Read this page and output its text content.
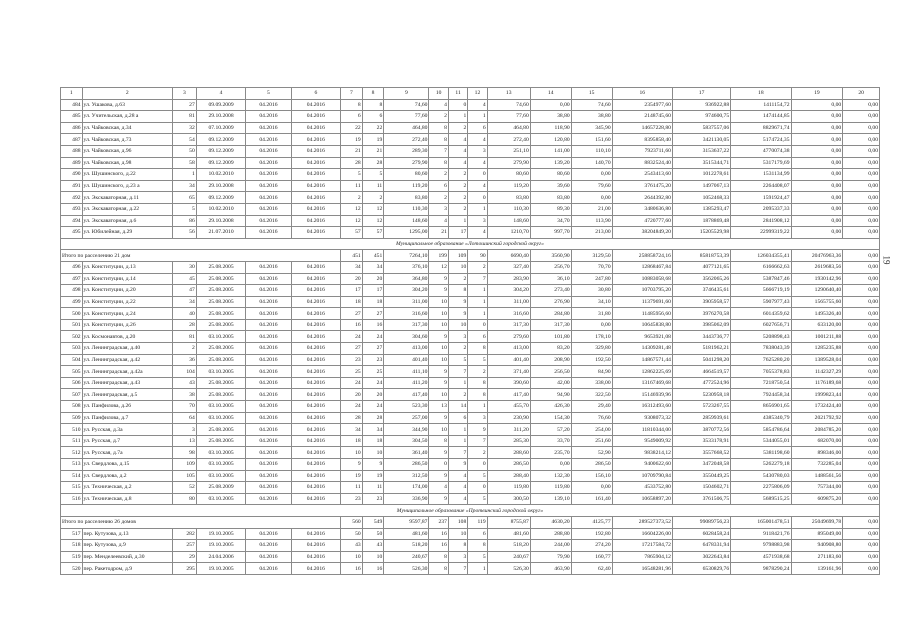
1	2	3	4	5	6	7	8	9	10	11	12	13	14	15	16	17	18	19	20
484	ул. Ушакова, д.63	27	09.09.2009	04.2016	04.2016	8	8	74,60	4	0	4	74,60	0,00	74,60	2354977,60	936922,88	1411154,72	0,00	0,00
485	ул. Учительская, д.28 а	81	29.10.2008	04.2016	04.2016	6	6	77,60	2	1	1	77,60	38,80	38,80	2148745,60	974600,75	1474144,85	0,00	0,00
486	ул. Чайковская, д.34	32	07.10.2009	04.2016	04.2016	22	22	464,80	8	2	6	464,80	118,90	345,90	14657228,80	5837557,06	8829671,74	0,00	0,00
487	ул. Чайковская, д.73	54	09.12.2009	04.2016	04.2016	19	19	272,40	8	4	4	272,40	120,80	151,60	8395858,40	3421130,05	5174724,35	0,00	0,00
488	ул. Чайковская, д.96	50	09.12.2009	04.2016	04.2016	21	21	289,30	7	4	3	251,10	141,00	110,10	7923711,60	3153637,22	4770074,38	0,00	0,00
489	ул. Чайковская, д.98	58	09.12.2009	04.2016	04.2016	28	28	279,90	8	4	4	279,90	139,20	140,70	8832524,40	3515344,71	5317179,69	0,00	0,00
490	ул. Шушинского, д.22	1	10.02.2010	04.2016	04.2016	5	5	80,60	2	2	0	80,60	80,60	0,00	2543413,60	1012278,61	1531134,99	0,00	0,00
491	ул. Шушинского, д.23 а	34	29.10.2008	04.2016	04.2016	11	11	119,20	6	2	4	119,20	39,60	79,60	3761475,20	1497067,13	2264408,07	0,00	0,00
492	ул. Экскаваторная, д.11	65	09.12.2009	04.2016	04.2016	2	2	83,80	2	2	0	83,80	83,80	0,00	2644392,80	1052468,33	1591924,47	0,00	0,00
493	ул. Экскаваторная, д.22	5	10.02.2010	04.2016	04.2016	12	12	110,30	3	2	1	110,30	89,30	21,00	3480636,80	1385293,47	2095337,33	0,00	0,00
494	ул. Экскаваторная, д.6	86	29.10.2008	04.2016	04.2016	12	12	148,60	4	1	3	148,60	34,70	113,90	4720777,60	1878869,48	2841908,12	0,00	0,00
495	ул. Юбилейная, д.29	56	21.07.2010	04.2016	04.2016	57	57	1295,00	21	17	4	1210,70	997,70	213,00	38204849,20	15205529,98	22999319,22	0,00	0,00
Муниципальное образование «Лотошинский городской округ»																			
Итого по расселению 21 дом						451	451	7264,10	199	109	90	6690,40	3560,90	3129,50	258858724,16	85818753,39	126034355,41	20476963,36	0,00
496	ул. Конституции, д.13	30	25.08.2005	04.2016	04.2016	34	34	376,10	12	10	2	327,40	256,70	70,70	12868467,84	4077121,65	6166662,63	2619683,56	0,00
497	ул. Конституции, д.14	45	25.08.2005	04.2016	04.2016	20	20	364,80	9	2	7	283,90	36,10	247,80	10883058,68	3562065,26	5387847,46	1930142,96	0,00
498	ул. Конституции, д.20	47	25.08.2005	04.2016	04.2016	17	17	304,20	9	8	1	304,20	273,40	30,80	10703795,20	3746435,61	5666719,19	1290640,40	0,00
499	ул. Конституции, д.22	34	25.08.2005	04.2016	04.2016	18	18	311,00	10	9	1	311,00	276,90	34,10	11379691,60	3905958,57	5907977,43	1565755,60	0,00
500	ул. Конституции, д.24	40	25.08.2005	04.2016	04.2016	27	27	316,60	10	9	1	316,60	284,80	31,80	11485956,60	3976270,58	6014359,62	1495326,40	0,00
501	ул. Конституции, д.26	28	25.08.2005	04.2016	04.2016	16	16	317,30	10	10	0	317,30	317,30	0,00	10645838,80	3985062,09	6027656,71	633120,00	0,00
502	ул. Космонавтов, д.20	81	03.10.2005	04.2016	04.2016	24	24	304,60	9	3	6	279,60	101,80	178,10	9653921,08	3443736,77	5208898,43	1001211,88	0,00
503	ул. Ленинградская, д.40	2	25.08.2005	04.2016	04.2016	27	27	413,00	10	2	8	413,00	83,20	329,80	14309281,48	5181962,21	7838043,39	1285235,88	0,00
504	ул. Ленинградская, д.42	36	25.08.2005	04.2016	04.2016	23	23	401,40	10	5	5	401,40	208,90	192,50	14867571,44	5041298,20	7625280,20	1389528,04	0,00
505	ул. Ленинградская, д.42а	104	03.10.2005	04.2016	04.2016	25	25	411,10	9	7	2	371,40	256,50	84,90	12862225,69	4664519,57	7055378,83	1142327,29	0,00
506	ул. Ленинградская, д.43	43	25.08.2005	04.2016	04.2016	24	24	411,20	9	1	8	390,60	42,00	338,00	13167469,68	4772524,96	7218750,54	1176189,68	0,00
507	ул. Ленинградская, д.5	38	25.08.2005	04.2016	04.2016	20	20	417,40	10	2	8	417,40	94,90	322,50	15146939,96	5230958,18	7924458,34	1999823,44	0,00
508	ул. Панфилова, д.26	70	03.10.2005	04.2016	04.2016	24	24	523,30	13	14	1	455,70	426,30	29,40	16312493,60	5723267,55	8656901,65	1732424,40	0,00
509	ул. Панфилова, д.7	64	03.10.2005	04.2016	04.2016	28	28	257,00	9	6	3	230,90	154,30	76,60	9308073,32	2859939,61	4385340,79	2021792,92	0,00
510	ул. Русская, д.3а	3	25.08.2005	04.2016	04.2016	34	34	344,90	10	1	9	311,20	57,20	254,00	11810344,00	3870772,56	5854786,64	2084785,20	0,00
511	ул. Русская, д.7	13	25.08.2005	04.2016	04.2016	18	18	304,50	8	1	7	285,30	33,70	251,60	9549009,92	3533178,91	5344055,01	682070,00	0,00
512	ул. Русская, д.7а	98	03.10.2005	04.2016	04.2016	10	10	361,40	9	7	2	288,60	235,70	52,90	9838214,12	3557668,52	5381198,60	898346,00	0,00
513	ул. Свердлова, д.15	109	03.10.2005	04.2016	04.2016	9	9	286,50	0	9	0	286,50	0,00	286,50	9400622,60	3472048,58	5262279,18	732285,04	0,00
514	ул. Свердлова, д.2	105	03.10.2005	04.2016	04.2016	19	19	312,50	9	4	5	288,40	132,30	156,10	10709790,84	3550449,25	5430780,03	1488561,56	0,00
515	ул. Техническая, д.2	52	25.08.2009	04.2016	04.2016	11	11	174,00	4	4	0	119,80	119,80	0,00	4533752,80	1504602,71	2275806,09	757344,00	0,00
516	ул. Техническая, д.8	80	03.10.2005	04.2016	04.2016	23	23	336,90	9	4	5	300,50	139,10	161,40	10658897,20	3761506,75	5689515,25	609875,20	0,00
Муниципальное образование «Протвинский городской округ»																			
Итого по расселению 26 домов						560	549	9597,87	237	108	119	8755,87	4630,20	4125,77	289527373,52	99089756,23	165001478,51	25049699,78	0,00
517	пер. Кутузова, д.13	282	19.10.2005	04.2016	04.2016	50	50	481,60	16	10	6	481,60	288,80	192,80	16604226,00	6028458,24	9118421,76	895049,00	0,00
518	пер. Кутузова, д.9	257	19.10.2005	04.2016	04.2016	43	43	518,20	16	8	8	518,20	244,00	274,20	17217584,72	6478331,94	9798883,98	940908,80	0,00
519	пер. Менделеевский, д.30	29	24.04.2006	04.2016	04.2016	10	10	240,67	8	3	5	240,67	79,90	160,77	7865904,12	3022643,84	4571938,68	271183,60	0,00
520	пер. Ракетодром, д.9	295	19.10.2005	04.2016	04.2016	16	16	526,30	8	7	1	526,30	463,90	62,40	16548281,96	6530829,76	9878290,24	139161,96	0,00
19
